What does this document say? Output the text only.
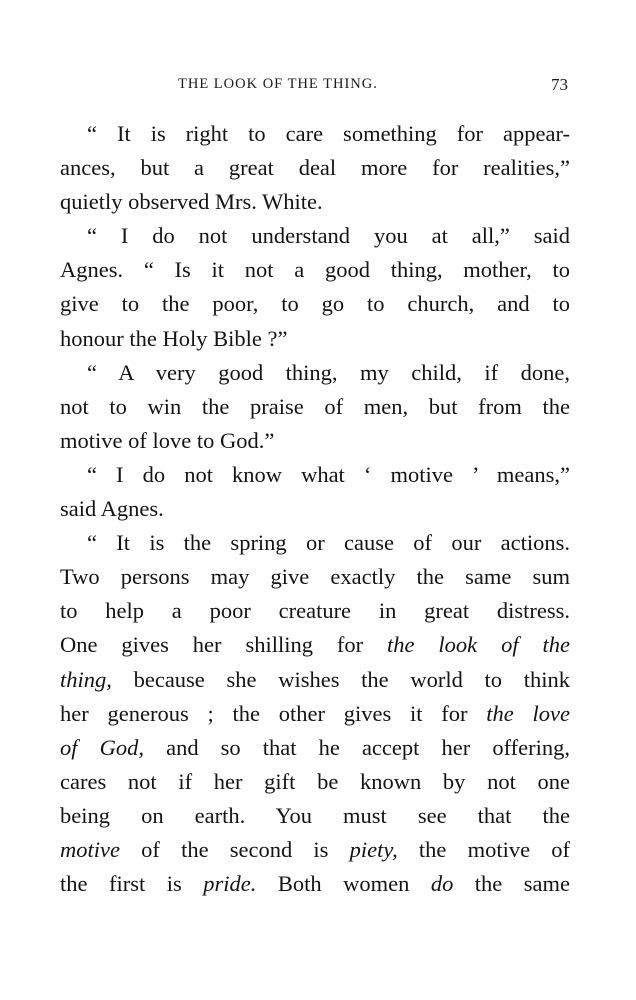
THE LOOK OF THE THING.	73
“ It is right to care something for appear-
ances, but a great deal more for realities,”
quietly observed Mrs. White.
“ I do not understand you at all,” said
Agnes. “ Is it not a good thing, mother, to
give to the poor, to go to church, and to
honour the Holy Bible ?”
“ A very good thing, my child, if done,
not to win the praise of men, but from the
motive of love to God.”
“ I do not know what ‘ motive ’ means,”
said Agnes.
“ It is the spring or cause of our actions.
Two persons may give exactly the same sum
to help a poor creature in great distress.
One gives her shilling for the look of the
thing, because she wishes the world to think
her generous ; the other gives it for the love
of God, and so that he accept her offering,
cares not if her gift be known by not one
being on earth. You must see that the
motive of the second is piety, the motive of
the first is pride. Both women do the same
